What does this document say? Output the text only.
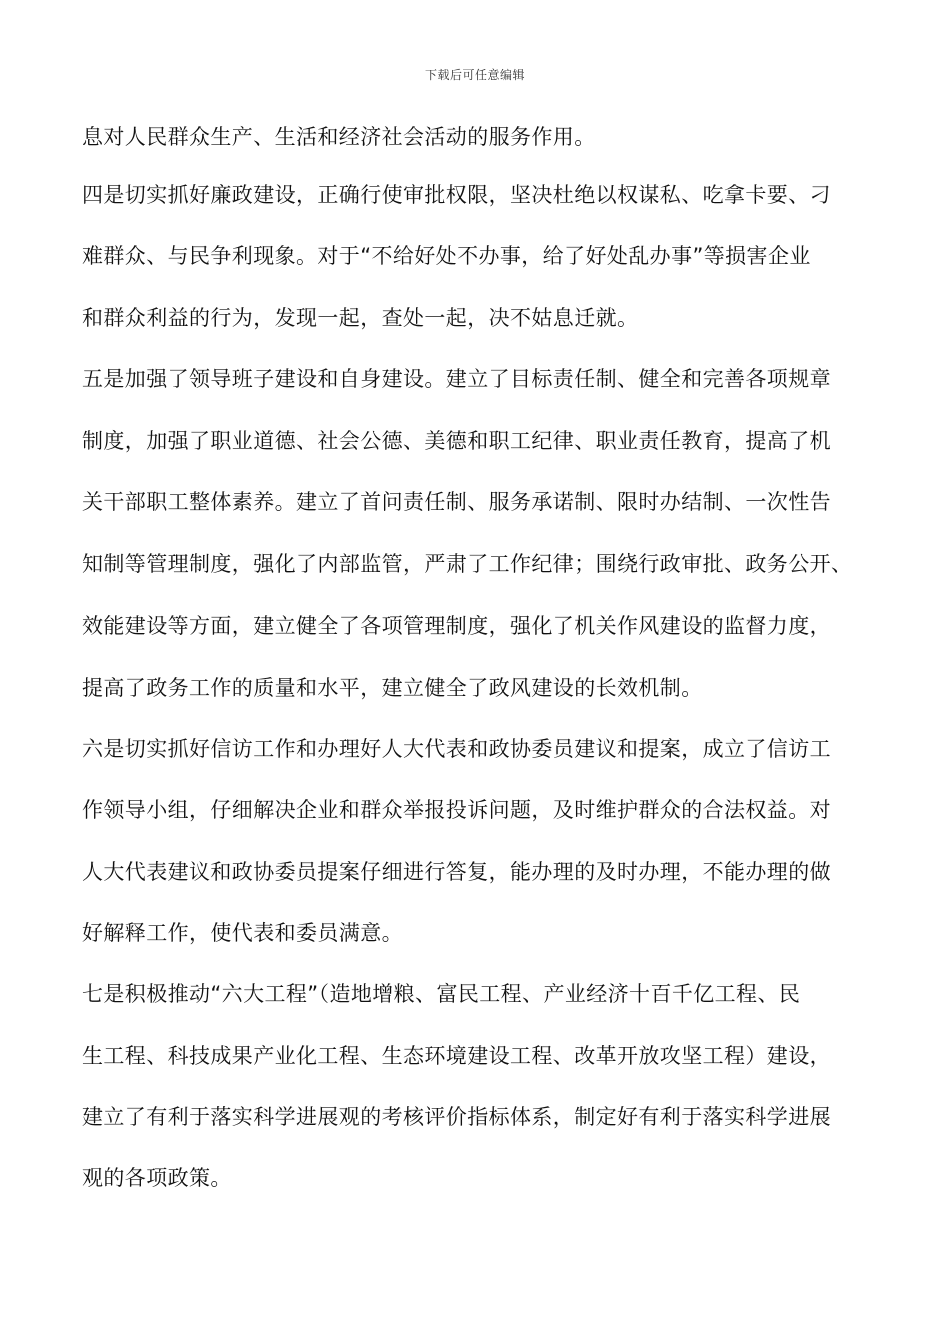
下载后可任意编辑
息对人民群众生产、生活和经济社会活动的服务作用。
四是切实抓好廉政建设，正确行使审批权限，坚决杜绝以权谋私、吃拿卡要、刁
难群众、与民争利现象。对于“不给好处不办事，给了好处乱办事”等损害企业
和群众利益的行为，发现一起，查处一起，决不姑息迁就。
五是加强了领导班子建设和自身建设。建立了目标责任制、健全和完善各项规章
制度，加强了职业道德、社会公德、美德和职工纪律、职业责任教育，提高了机
关干部职工整体素养。建立了首问责任制、服务承诺制、限时办结制、一次性告
知制等管理制度，强化了内部监管，严肃了工作纪律；围绕行政审批、政务公开、
效能建设等方面，建立健全了各项管理制度，强化了机关作风建设的监督力度，
提高了政务工作的质量和水平，建立健全了政风建设的长效机制。
六是切实抓好信访工作和办理好人大代表和政协委员建议和提案，成立了信访工
作领导小组，仔细解决企业和群众举报投诉问题，及时维护群众的合法权益。对
人大代表建议和政协委员提案仔细进行答复，能办理的及时办理，不能办理的做
好解释工作，使代表和委员满意。
七是积极推动“六大工程”（造地增粮、富民工程、产业经济十百千亿工程、民
生工程、科技成果产业化工程、生态环境建设工程、改革开放攻坚工程）建设，
建立了有利于落实科学进展观的考核评价指标体系，制定好有利于落实科学进展
观的各项政策。
